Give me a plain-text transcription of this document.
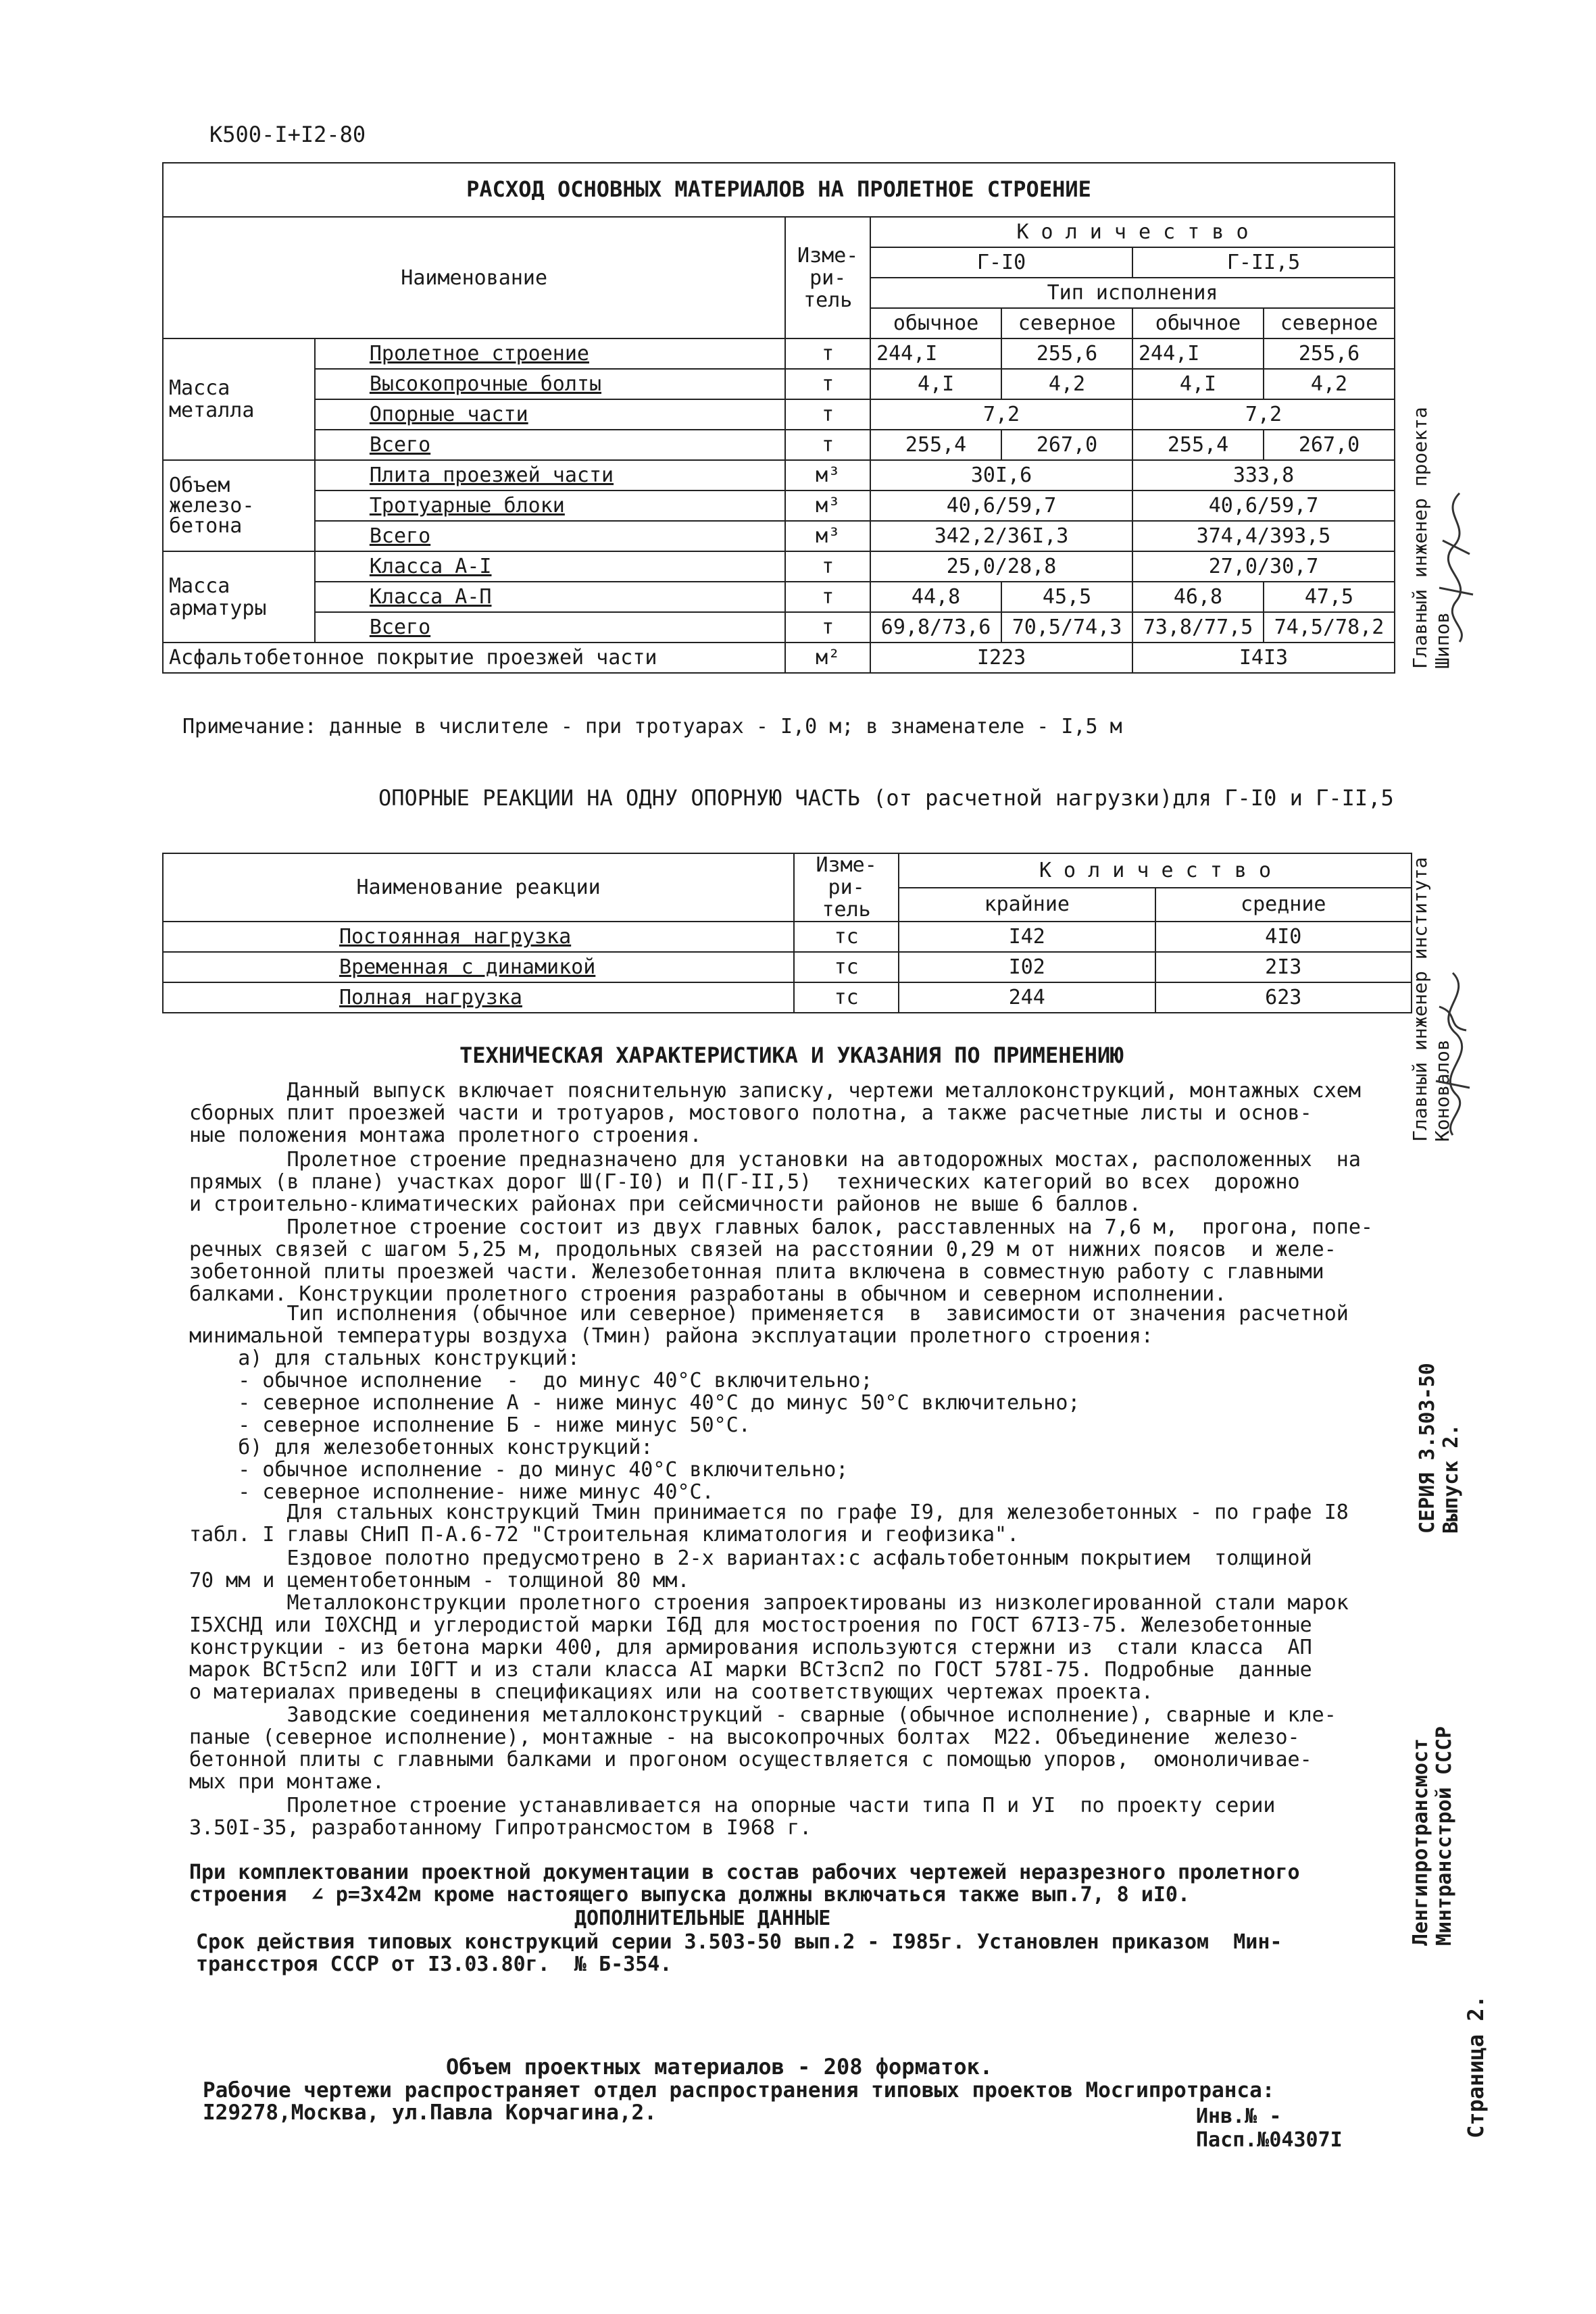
К500-I+I2-80
РАСХОД ОСНОВНЫХ МАТЕРИАЛОВ НА ПРОЛЕТНОЕ СТРОЕНИЕ						
Наименование		Изме-
ри-
тель	К о л и ч е с т в о			
			Г-I0		Г-II,5	
			Тип исполнения			
			обычное	северное	обычное	северное
Масса
металла	Пролетное строение	т	244,I	255,6	244,I	255,6
	Высокопрочные болты	т	4,I	4,2	4,I	4,2
	Опорные части	т	7,2		7,2	
	Всего	т	255,4	267,0	255,4	267,0
Объем
железо-
бетона	Плита проезжей части	м³	30I,6		333,8	
	Тротуарные блоки	м³	40,6/59,7		40,6/59,7	
	Всего	м³	342,2/36I,3		374,4/393,5	
Масса
арматуры	Класса А-I	т	25,0/28,8		27,0/30,7	
	Класса А-П	т	44,8	45,5	46,8	47,5
	Всего	т	69,8/73,6	70,5/74,3	73,8/77,5	74,5/78,2
Асфальтобетонное покрытие проезжей части		м²	I223		I4I3	
Примечание: данные в числителе - при тротуарах - I,0 м; в знаменателе - I,5 м
ОПОРНЫЕ РЕАКЦИИ НА ОДНУ ОПОРНУЮ ЧАСТЬ (от расчетной нагрузки)для Г-I0 и Г-II,5
Наименование реакции	Изме-
ри-
тель	К о л и ч е с т в о	
		крайние	средние
Постоянная нагрузка	тс	I42	4I0
Временная с динамикой	тс	I02	2I3
Полная нагрузка	тс	244	623
ТЕХНИЧЕСКАЯ ХАРАКТЕРИСТИКА И УКАЗАНИЯ ПО ПРИМЕНЕНИЮ
Данный выпуск включает пояснительную записку, чертежи металлоконструкций, монтажных схем
сборных плит проезжей части и тротуаров, мостового полотна, а также расчетные листы и основ-
ные положения монтажа пролетного строения.
Пролетное строение предназначено для установки на автодорожных мостах, расположенных  на
прямых (в плане) участках дорог Ш(Г-I0) и П(Г-II,5)  технических категорий во всех  дорожно
и строительно-климатических районах при сейсмичности районов не выше 6 баллов.
Пролетное строение состоит из двух главных балок, расставленных на 7,6 м,  прогона, попе-
речных связей с шагом 5,25 м, продольных связей на расстоянии 0,29 м от нижних поясов  и желе-
зобетонной плиты проезжей части. Железобетонная плита включена в совместную работу с главными
балками. Конструкции пролетного строения разработаны в обычном и северном исполнении.
Тип исполнения (обычное или северное) применяется  в  зависимости от значения расчетной
минимальной температуры воздуха (Тмин) района эксплуатации пролетного строения:
а) для стальных конструкций:
- обычное исполнение  -  до минус 40°С включительно;
- северное исполнение А - ниже минус 40°С до минус 50°С включительно;
- северное исполнение Б - ниже минус 50°С.
б) для железобетонных конструкций:
- обычное исполнение - до минус 40°С включительно;
- северное исполнение- ниже минус 40°С.
Для стальных конструкций Тмин принимается по графе I9, для железобетонных - по графе I8
табл. I главы СНиП П-А.6-72 "Строительная климатология и геофизика".
Ездовое полотно предусмотрено в 2-х вариантах:с асфальтобетонным покрытием  толщиной
70 мм и цементобетонным - толщиной 80 мм.
Металлоконструкции пролетного строения запроектированы из низколегированной стали марок
I5ХСНД или I0ХСНД и углеродистой марки I6Д для мостостроения по ГОСТ 67I3-75. Железобетонные
конструкции - из бетона марки 400, для армирования используются стержни из  стали класса  АП
марок ВСт5сп2 или I0ГТ и из стали класса АI марки ВСт3сп2 по ГОСТ 578I-75. Подробные  данные
о материалах приведены в спецификациях или на соответствующих чертежах проекта.
Заводские соединения металлоконструкций - сварные (обычное исполнение), сварные и кле-
паные (северное исполнение), монтажные - на высокопрочных болтах  М22. Объединение  железо-
бетонной плиты с главными балками и прогоном осуществляется с помощью упоров,  омоноличивае-
мых при монтаже.
Пролетное строение устанавливается на опорные части типа П и УI  по проекту серии
3.50I-35, разработанному Гипротрансмостом в I968 г.
При комплектовании проектной документации в состав рабочих чертежей неразрезного пролетного
строения  ∠ р=3х42м кроме настоящего выпуска должны включаться также вып.7, 8 иI0.
ДОПОЛНИТЕЛЬНЫЕ ДАННЫЕ
Срок действия типовых конструкций серии 3.503-50 вып.2 - I985г. Установлен приказом  Мин-
трансстроя СССР от I3.03.80г.  № Б-354.
Объем проектных материалов - 208 форматок.
Рабочие чертежи распространяет отдел распространения типовых проектов Мосгипротранса:
I29278,Москва, ул.Павла Корчагина,2.	Инв.№ -
Пасп.№04307I
Главный инженер проекта
Шипов
Главный инженер института
Коновалов
СЕРИЯ 3.503-50
Выпуск 2.
Ленгипротрансмост
Минтрансстрой СССР
Страница 2.
